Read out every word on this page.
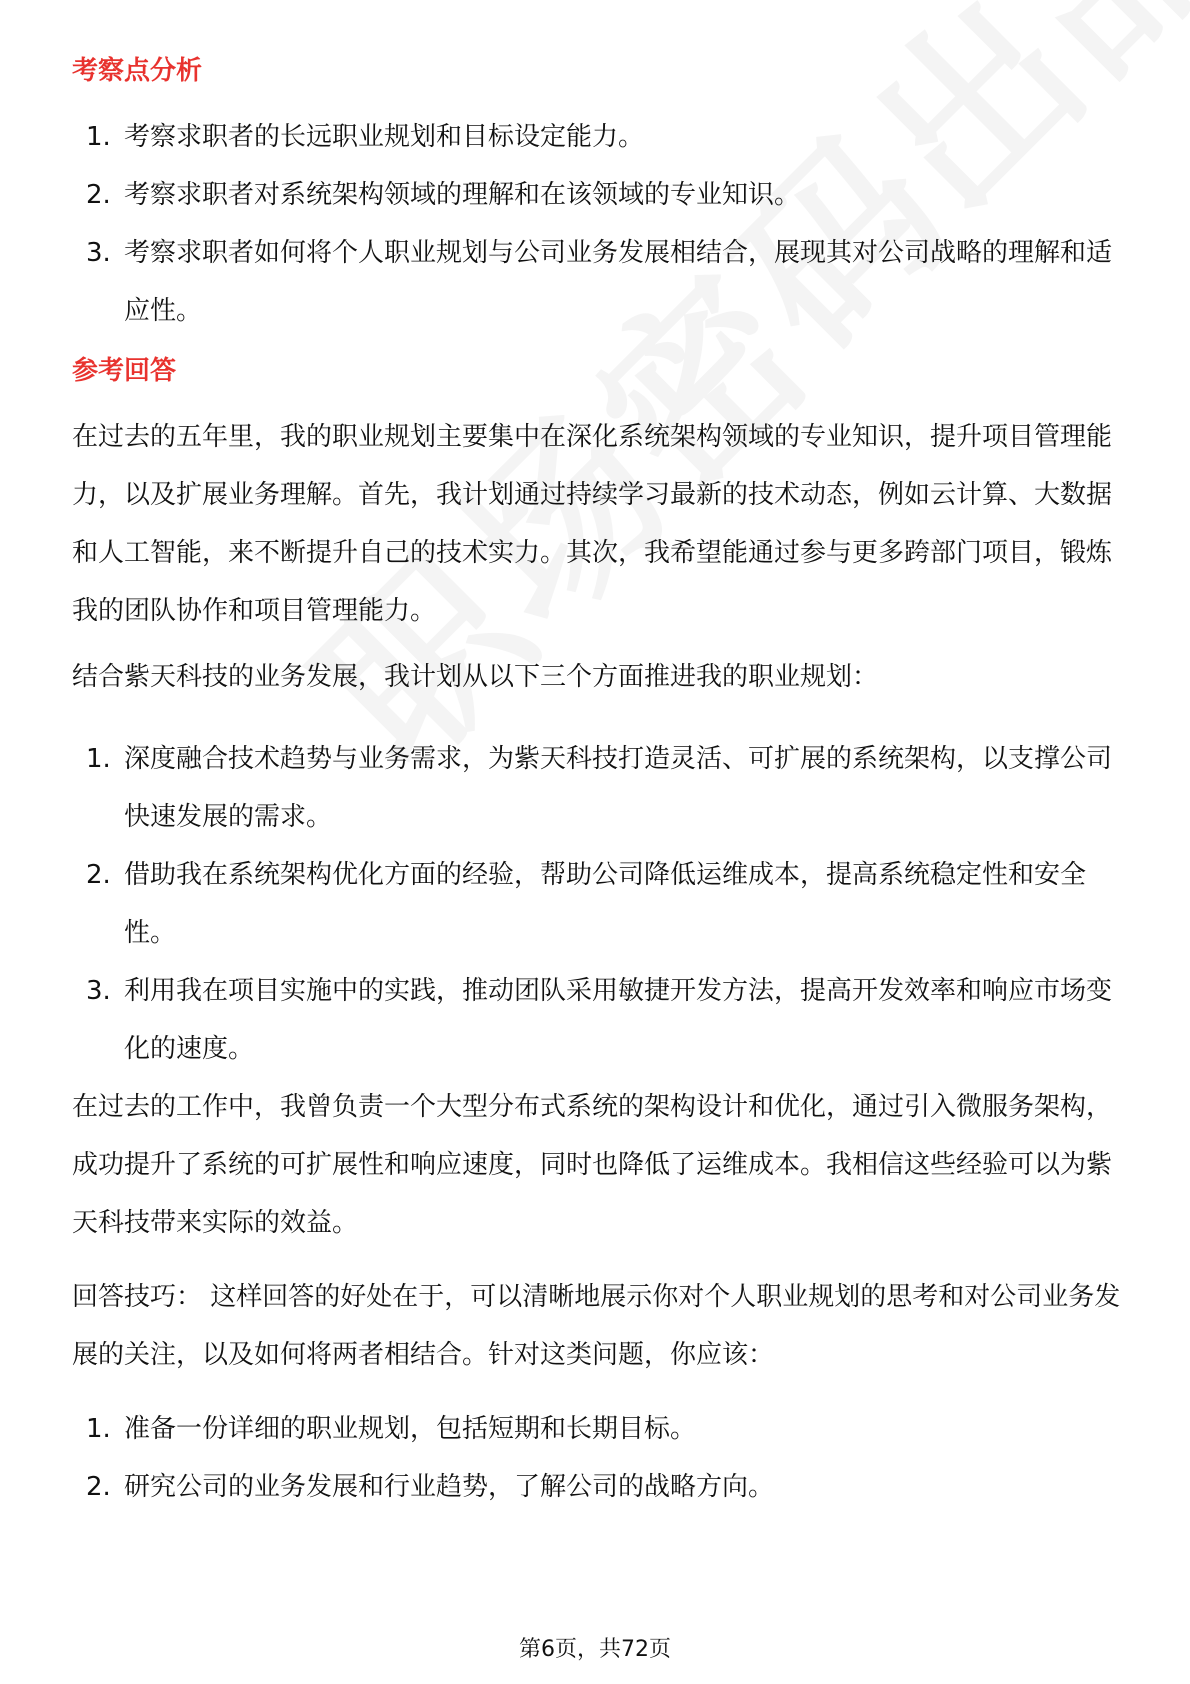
考察点分析
1. 考察求职者的长远职业规划和目标设定能力。
2. 考察求职者对系统架构领域的理解和在该领域的专业知识。
3. 考察求职者如何将个人职业规划与公司业务发展相结合，展现其对公司战略的理解和适应性。
参考回答

在过去的五年里，我的职业规划主要集中在深化系统架构领域的专业知识，提升项目管理能力，以及扩展业务理解。首先，我计划通过持续学习最新的技术动态，例如云计算、大数据和人工智能，来不断提升自己的技术实力。其次，我希望能通过参与更多跨部门项目，锻炼我的团队协作和项目管理能力。

结合紫天科技的业务发展，我计划从以下三个方面推进我的职业规划：

1. 深度融合技术趋势与业务需求，为紫天科技打造灵活、可扩展的系统架构，以支撑公司快速发展的需求。
2. 借助我在系统架构优化方面的经验，帮助公司降低运维成本，提高系统稳定性和安全性。
3. 利用我在项目实施中的实践，推动团队采用敏捷开发方法，提高开发效率和响应市场变化的速度。

在过去的工作中，我曾负责一个大型分布式系统的架构设计和优化，通过引入微服务架构，成功提升了系统的可扩展性和响应速度，同时也降低了运维成本。我相信这些经验可以为紫天科技带来实际的效益。

回答技巧： 这样回答的好处在于，可以清晰地展示你对个人职业规划的思考和对公司业务发展的关注，以及如何将两者相结合。针对这类问题，你应该：

1. 准备一份详细的职业规划，包括短期和长期目标。
2. 研究公司的业务发展和行业趋势，了解公司的战略方向。
第6页，共72页
